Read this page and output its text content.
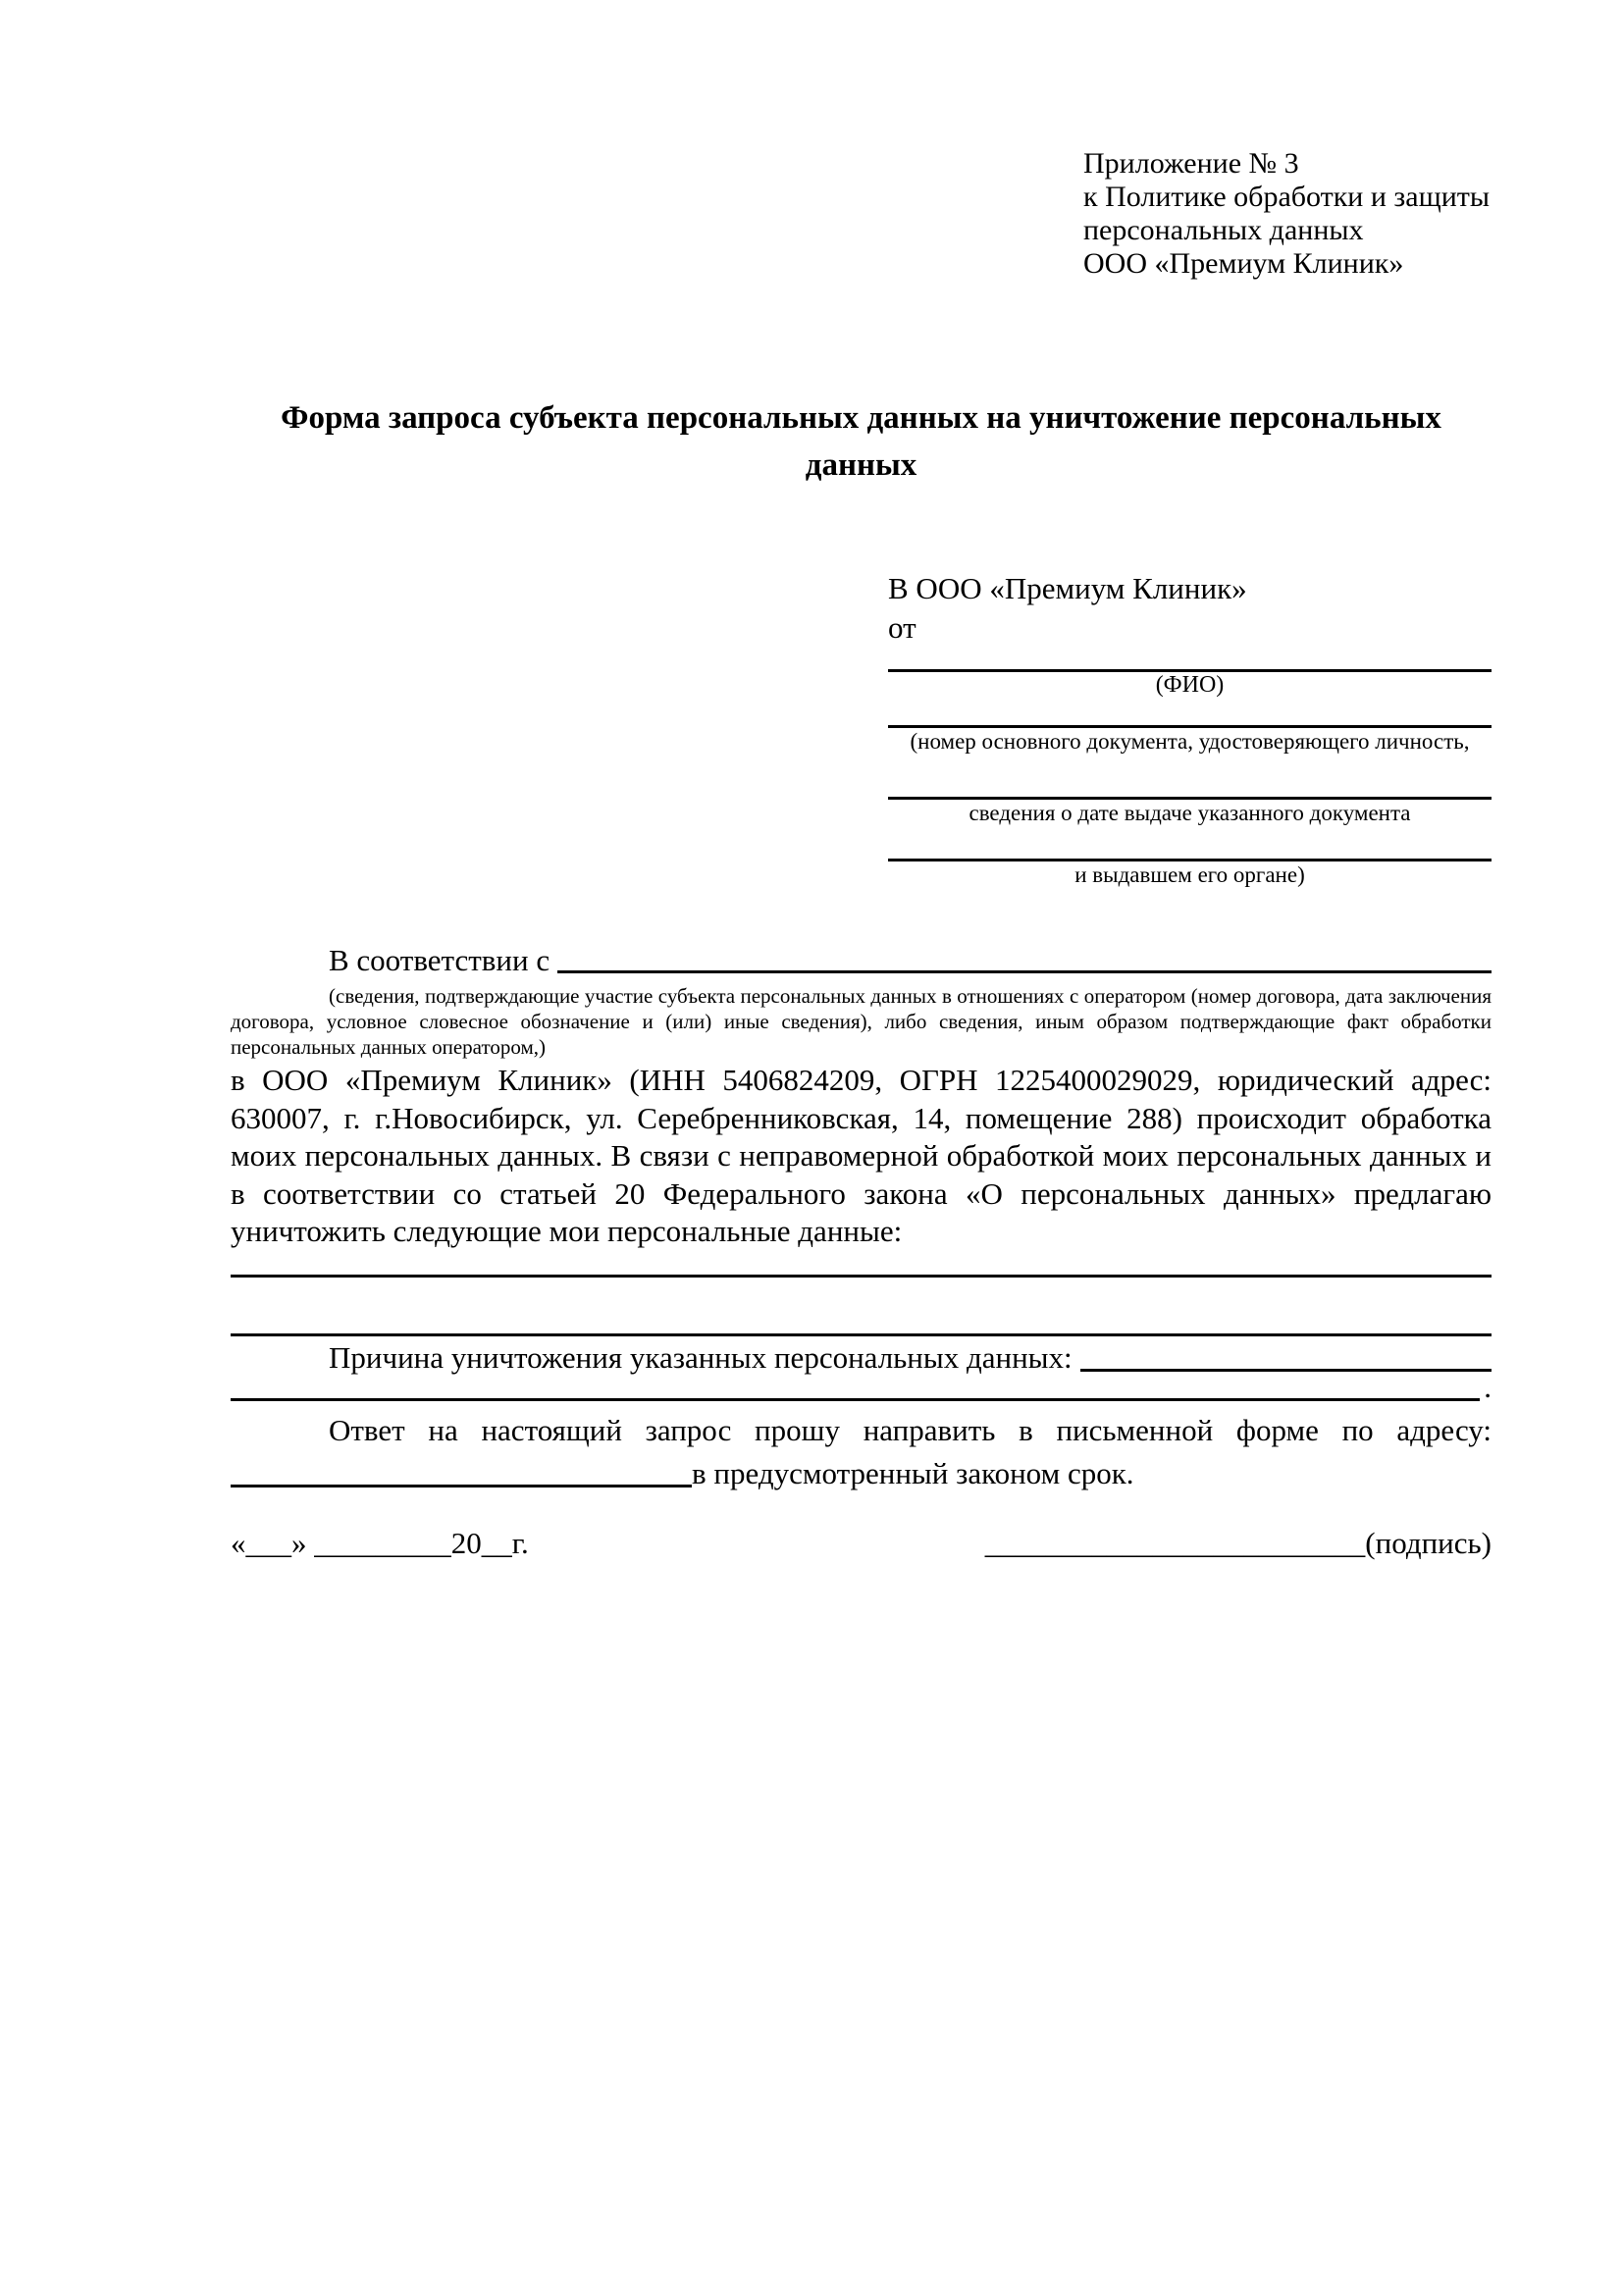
Приложение № 3
к Политике обработки и защиты
персональных данных
ООО «Премиум Клиник»
Форма запроса субъекта персональных данных на уничтожение персональных данных
В ООО «Премиум Клиник»
от
(ФИО)
(номер основного документа, удостоверяющего личность,
сведения о дате выдаче указанного документа
и выдавшем его органе)
В соответствии с
(сведения, подтверждающие участие субъекта персональных данных в отношениях с оператором (номер договора, дата заключения договора, условное словесное обозначение и (или) иные сведения), либо сведения, иным образом подтверждающие факт обработки персональных данных оператором,)
в ООО «Премиум Клиник» (ИНН 5406824209, ОГРН 1225400029029, юридический адрес: 630007, г. г.Новосибирск, ул. Серебренниковская, 14, помещение 288) происходит обработка моих персональных данных. В связи с неправомерной обработкой моих персональных данных и в соответствии со статьей 20 Федерального закона «О персональных данных» предлагаю уничтожить следующие мои персональные данные:
Причина уничтожения указанных персональных данных:
.
Ответ на настоящий запрос прошу направить в письменной форме по адресу:
в предусмотренный законом срок.
«___» _________20__г.	_________________________(подпись)
